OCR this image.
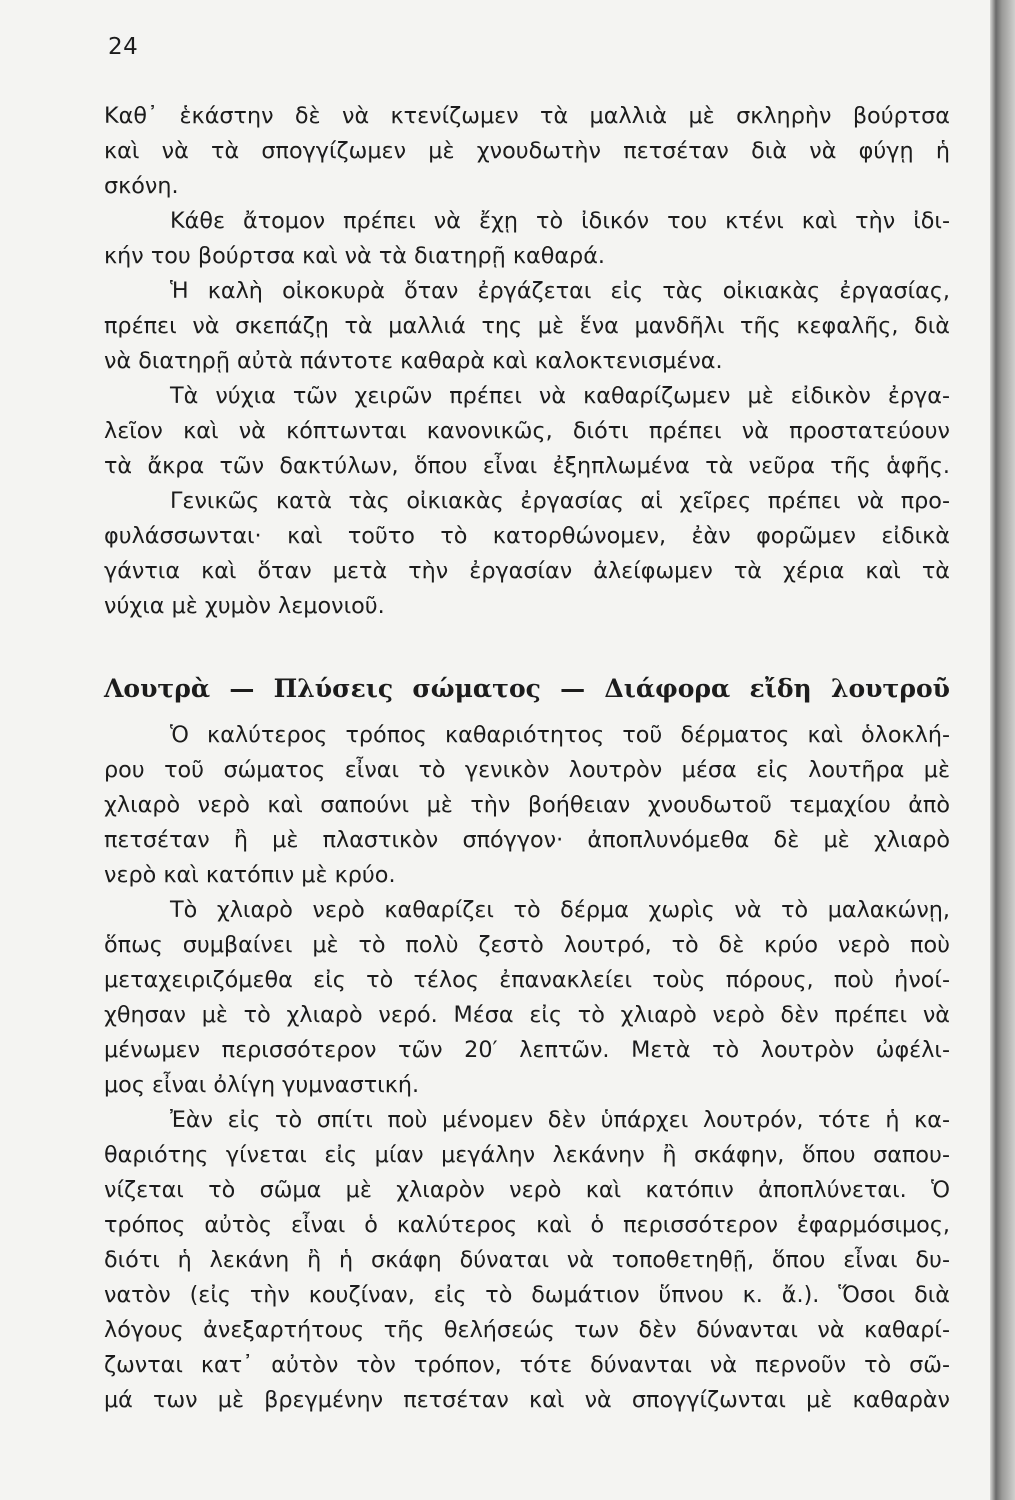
24
Καθ᾽ ἑκάστην δὲ νὰ κτενίζωμεν τὰ μαλλιὰ μὲ σκληρὴν βούρτσα
καὶ νὰ τὰ σπογγίζωμεν μὲ χνουδωτὴν πετσέταν διὰ νὰ φύγῃ ἡ
σκόνη.
Κάθε ἄτομον πρέπει νὰ ἔχῃ τὸ ἰδικόν του κτένι καὶ τὴν ἰδι-
κήν του βούρτσα καὶ νὰ τὰ διατηρῇ καθαρά.
Ἡ καλὴ οἰκοκυρὰ ὅταν ἐργάζεται εἰς τὰς οἰκιακὰς ἐργασίας,
πρέπει νὰ σκεπάζῃ τὰ μαλλιά της μὲ ἕνα μανδῆλι τῆς κεφαλῆς, διὰ
νὰ διατηρῇ αὐτὰ πάντοτε καθαρὰ καὶ καλοκτενισμένα.
Τὰ νύχια τῶν χειρῶν πρέπει νὰ καθαρίζωμεν μὲ εἰδικὸν ἐργα-
λεῖον καὶ νὰ κόπτωνται κανονικῶς, διότι πρέπει νὰ προστατεύουν
τὰ ἄκρα τῶν δακτύλων, ὅπου εἶναι ἐξηπλωμένα τὰ νεῦρα τῆς ἁφῆς.
Γενικῶς κατὰ τὰς οἰκιακὰς ἐργασίας αἱ χεῖρες πρέπει νὰ προ-
φυλάσσωνται· καὶ τοῦτο τὸ κατορθώνομεν, ἐὰν φορῶμεν εἰδικὰ
γάντια καὶ ὅταν μετὰ τὴν ἐργασίαν ἀλείφωμεν τὰ χέρια καὶ τὰ
νύχια μὲ χυμὸν λεμονιοῦ.
Λουτρὰ — Πλύσεις σώματος — Διάφορα εἴδη λουτροῦ
Ὁ καλύτερος τρόπος καθαριότητος τοῦ δέρματος καὶ ὁλοκλή-
ρου τοῦ σώματος εἶναι τὸ γενικὸν λουτρὸν μέσα εἰς λουτῆρα μὲ
χλιαρὸ νερὸ καὶ σαπούνι μὲ τὴν βοήθειαν χνουδωτοῦ τεμαχίου ἀπὸ
πετσέταν ἢ μὲ πλαστικὸν σπόγγον· ἀποπλυνόμεθα δὲ μὲ χλιαρὸ
νερὸ καὶ κατόπιν μὲ κρύο.
Τὸ χλιαρὸ νερὸ καθαρίζει τὸ δέρμα χωρὶς νὰ τὸ μαλακώνῃ,
ὅπως συμβαίνει μὲ τὸ πολὺ ζεστὸ λουτρό, τὸ δὲ κρύο νερὸ ποὺ
μεταχειριζόμεθα εἰς τὸ τέλος ἐπανακλείει τοὺς πόρους, ποὺ ἠνοί-
χθησαν μὲ τὸ χλιαρὸ νερό. Μέσα εἰς τὸ χλιαρὸ νερὸ δὲν πρέπει νὰ
μένωμεν περισσότερον τῶν 20′ λεπτῶν. Μετὰ τὸ λουτρὸν ὠφέλι-
μος εἶναι ὀλίγη γυμναστική.
Ἐὰν εἰς τὸ σπίτι ποὺ μένομεν δὲν ὑπάρχει λουτρόν, τότε ἡ κα-
θαριότης γίνεται εἰς μίαν μεγάλην λεκάνην ἢ σκάφην, ὅπου σαπου-
νίζεται τὸ σῶμα μὲ χλιαρὸν νερὸ καὶ κατόπιν ἀποπλύνεται. Ὁ
τρόπος αὐτὸς εἶναι ὁ καλύτερος καὶ ὁ περισσότερον ἐφαρμόσιμος,
διότι ἡ λεκάνη ἢ ἡ σκάφη δύναται νὰ τοποθετηθῇ, ὅπου εἶναι δυ-
νατὸν (εἰς τὴν κουζίναν, εἰς τὸ δωμάτιον ὕπνου κ. ἄ.). Ὅσοι διὰ
λόγους ἀνεξαρτήτους τῆς θελήσεώς των δὲν δύνανται νὰ καθαρί-
ζωνται κατ᾽ αὐτὸν τὸν τρόπον, τότε δύνανται νὰ περνοῦν τὸ σῶ-
μά των μὲ βρεγμένην πετσέταν καὶ νὰ σπογγίζωνται μὲ καθαρὰν
